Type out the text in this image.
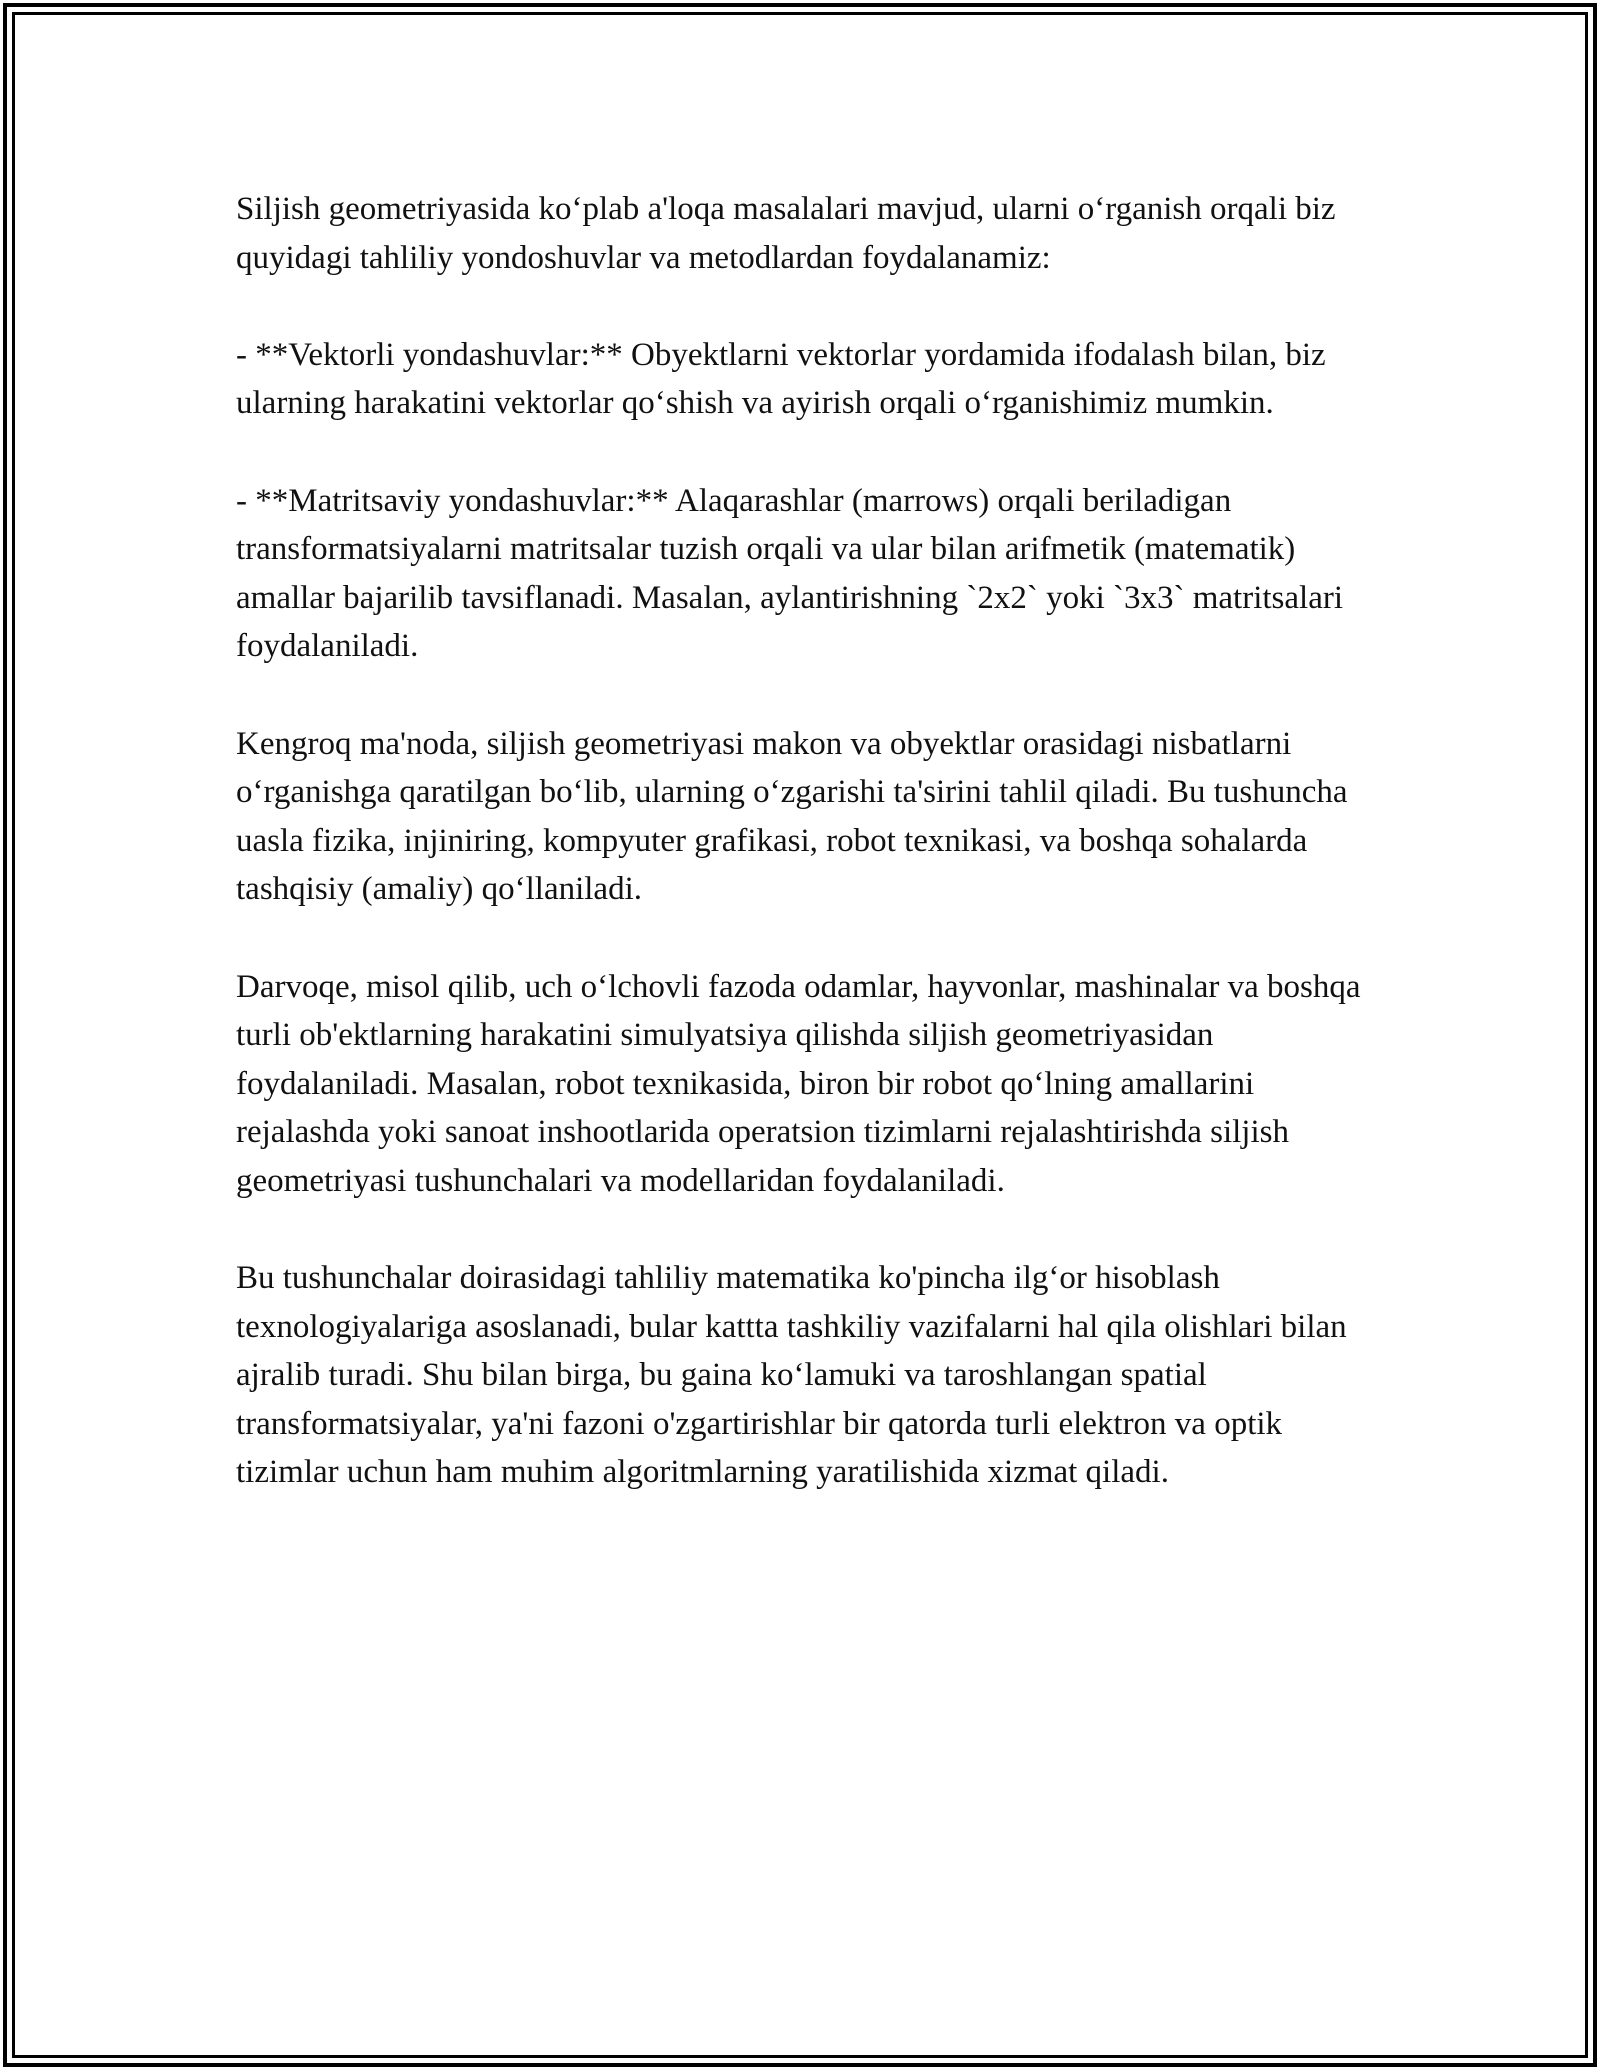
Siljish geometriyasida ko‘plab a'loqa masalalari mavjud, ularni o‘rganish orqali biz quyidagi tahliliy yondoshuvlar va metodlardan foydalanamiz:

- **Vektorli yondashuvlar:** Obyektlarni vektorlar yordamida ifodalash bilan, biz ularning harakatini vektorlar qo‘shish va ayirish orqali o‘rganishimiz mumkin.

- **Matritsaviy yondashuvlar:** Alaqarashlar (marrows) orqali beriladigan transformatsiyalarni matritsalar tuzish orqali va ular bilan arifmetik (matematik) amallar bajarilib tavsiflanadi. Masalan, aylantirishning `2x2` yoki `3x3` matritsalari foydalaniladi.

Kengroq ma'noda, siljish geometriyasi makon va obyektlar orasidagi nisbatlarni o‘rganishga qaratilgan bo‘lib, ularning o‘zgarishi ta'sirini tahlil qiladi. Bu tushuncha uasla fizika, injiniring, kompyuter grafikasi, robot texnikasi, va boshqa sohalarda tashqisiy (amaliy) qo‘llaniladi.

Darvoqe, misol qilib, uch o‘lchovli fazoda odamlar, hayvonlar, mashinalar va boshqa turli ob'ektlarning harakatini simulyatsiya qilishda siljish geometriyasidan foydalaniladi. Masalan, robot texnikasida, biron bir robot qo‘lning amallarini rejalashda yoki sanoat inshootlarida operatsion tizimlarni rejalashtirishda siljish geometriyasi tushunchalari va modellaridan foydalaniladi.

Bu tushunchalar doirasidagi tahliliy matematika ko'pincha ilg‘or hisoblash texnologiyalariga asoslanadi, bular kattta tashkiliy vazifalarni hal qila olishlari bilan ajralib turadi. Shu bilan birga, bu gaina ko‘lamuki va taroshlangan spatial transformatsiyalar, ya'ni fazoni o'zgartirishlar bir qatorda turli elektron va optik tizimlar uchun ham muhim algoritmlarning yaratilishida xizmat qiladi.
